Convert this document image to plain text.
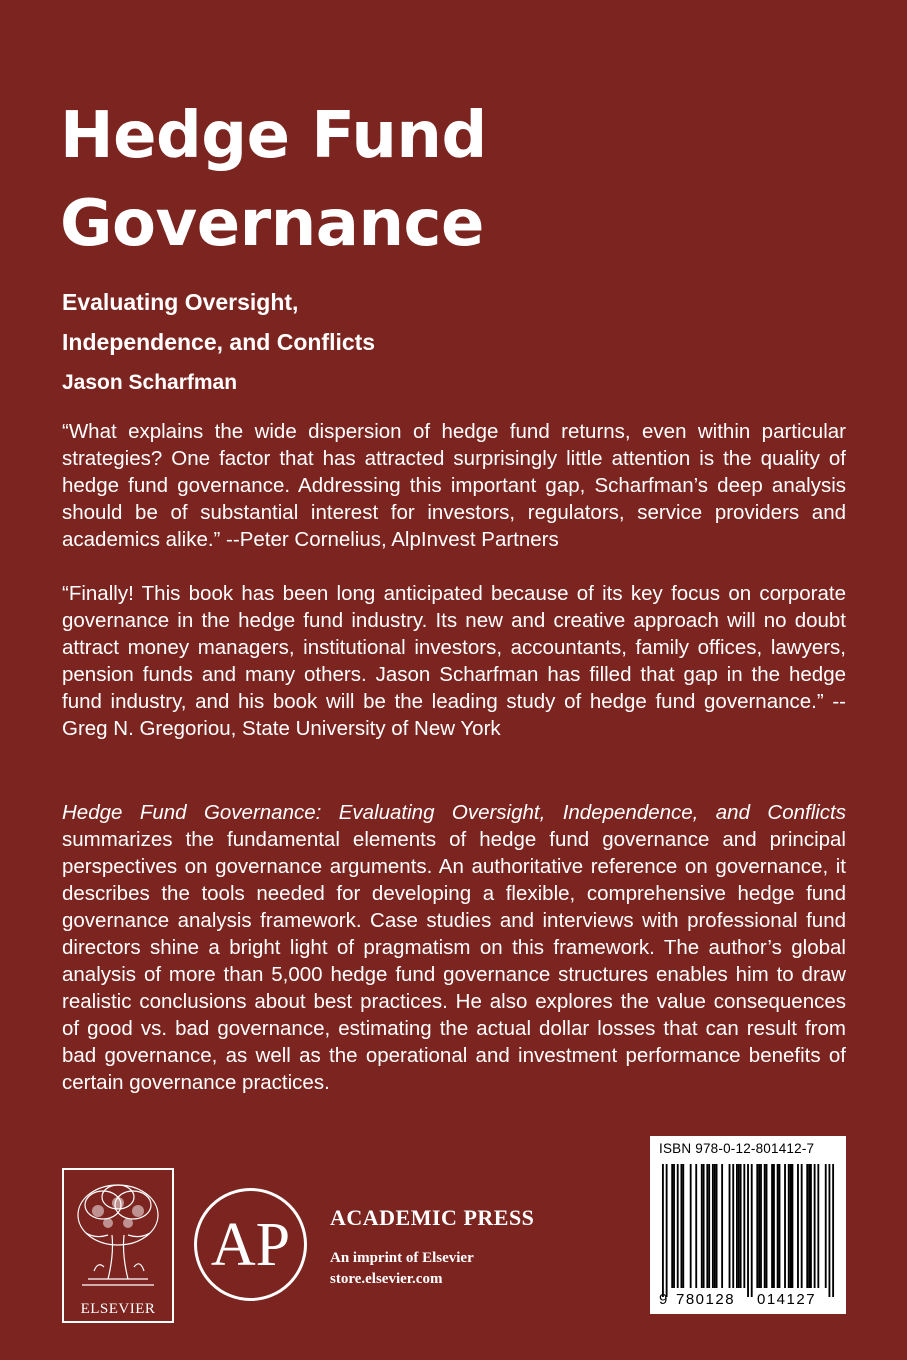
Hedge Fund
Governance
Evaluating Oversight,
Independence, and Conflicts
Jason Scharfman

“What explains the wide dispersion of hedge fund returns, even within particular strategies? One factor that has attracted surprisingly little attention is the quality of hedge fund governance. Addressing this important gap, Scharfman’s deep analysis should be of substantial interest for investors, regulators, service providers and academics alike.” --Peter Cornelius, AlpInvest Partners

“Finally! This book has been long anticipated because of its key focus on corporate governance in the hedge fund industry. Its new and creative approach will no doubt attract money managers, institutional investors, accountants, family offices, lawyers, pension funds and many others. Jason Scharfman has filled that gap in the hedge fund industry, and his book will be the leading study of hedge fund governance.” --Greg N. Gregoriou, State University of New York

Hedge Fund Governance: Evaluating Oversight, Independence, and Conflicts summarizes the fundamental elements of hedge fund governance and principal perspectives on governance arguments. An authoritative reference on governance, it describes the tools needed for developing a flexible, comprehensive hedge fund governance analysis framework. Case studies and interviews with professional fund directors shine a bright light of pragmatism on this framework. The author’s global analysis of more than 5,000 hedge fund governance structures enables him to draw realistic conclusions about best practices. He also explores the value consequences of good vs. bad governance, estimating the actual dollar losses that can result from bad governance, as well as the operational and investment performance benefits of certain governance practices.

ELSEVIER
AP ACADEMIC PRESS
An imprint of Elsevier
store.elsevier.com
ISBN 978-0-12-801412-7
9 780128 014127
